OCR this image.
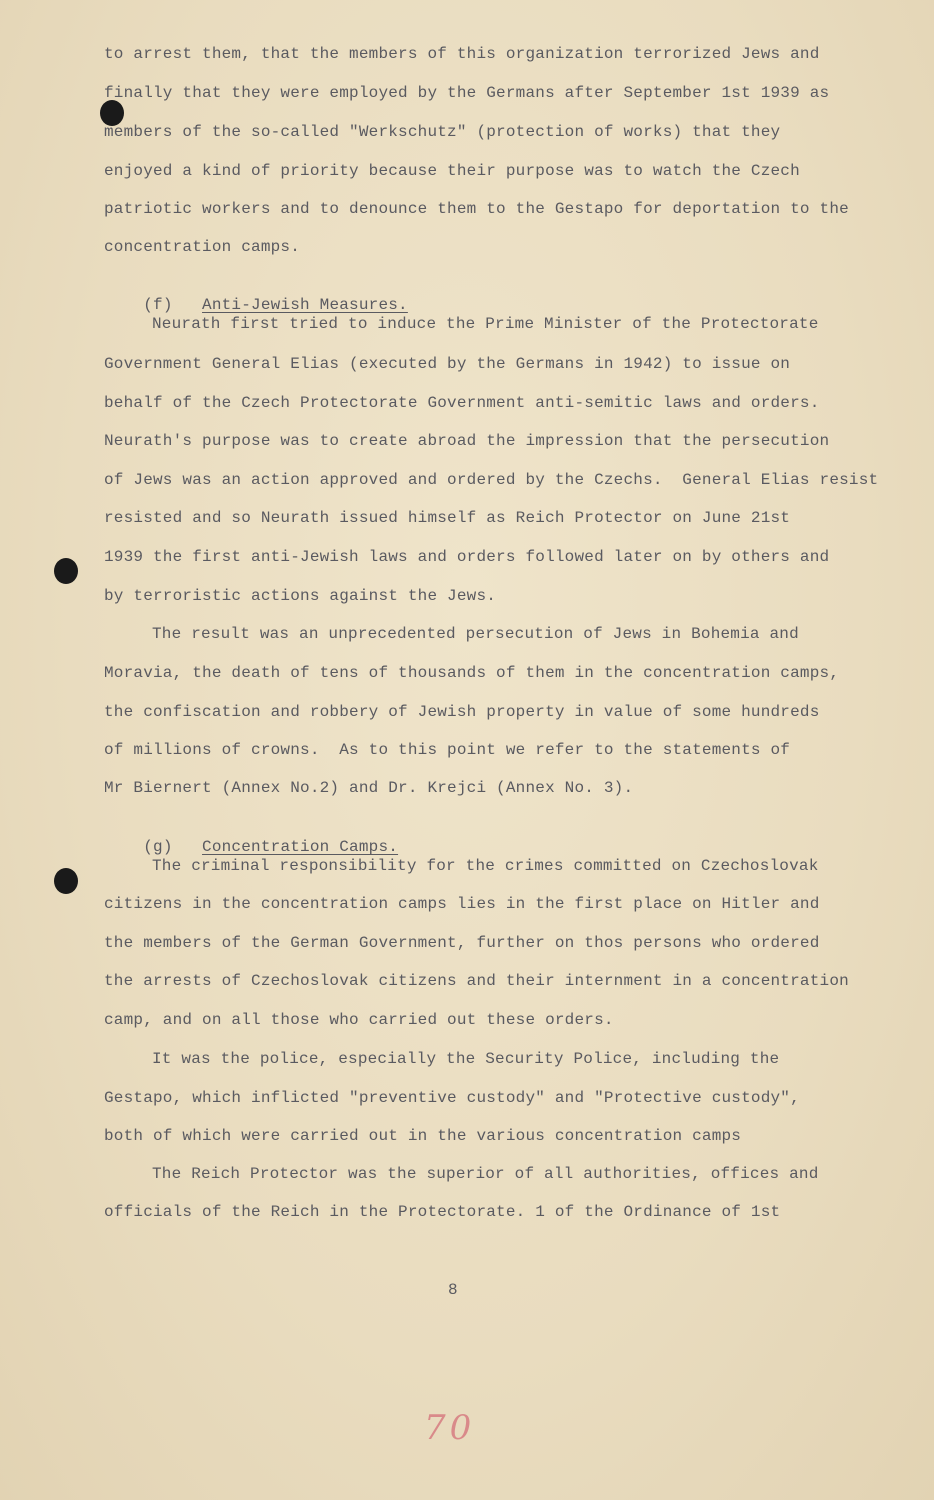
to arrest them, that the members of this organization terrorized Jews and
finally that they were employed by the Germans after September 1st 1939 as
members of the so-called "Werkschutz" (protection of works) that they
enjoyed a kind of priority because their purpose was to watch the Czech
patriotic workers and to denounce them to the Gestapo for deportation to the
concentration camps.

(f) Anti-Jewish Measures.

Neurath first tried to induce the Prime Minister of the Protectorate
Government General Elias (executed by the Germans in 1942) to issue on
behalf of the Czech Protectorate Government anti-semitic laws and orders.
Neurath's purpose was to create abroad the impression that the persecution
of Jews was an action approved and ordered by the Czechs.  General Elias resist
resisted and so Neurath issued himself as Reich Protector on June 21st
1939 the first anti-Jewish laws and orders followed later on by others and
by terroristic actions against the Jews.
The result was an unprecedented persecution of Jews in Bohemia and
Moravia, the death of tens of thousands of them in the concentration camps,
the confiscation and robbery of Jewish property in value of some hundreds
of millions of crowns.  As to this point we refer to the statements of
Mr Biernert (Annex No.2) and Dr. Krejci (Annex No. 3).

(g) Concentration Camps.

The criminal responsibility for the crimes committed on Czechoslovak
citizens in the concentration camps lies in the first place on Hitler and
the members of the German Government, further on thos persons who ordered
the arrests of Czechoslovak citizens and their internment in a concentration
camp, and on all those who carried out these orders.
It was the police, especially the Security Police, including the
Gestapo, which inflicted "preventive custody" and "Protective custody",
both of which were carried out in the various concentration camps
The Reich Protector was the superior of all authorities, offices and
officials of the Reich in the Protectorate. 1 of the Ordinance of 1st
8
70
